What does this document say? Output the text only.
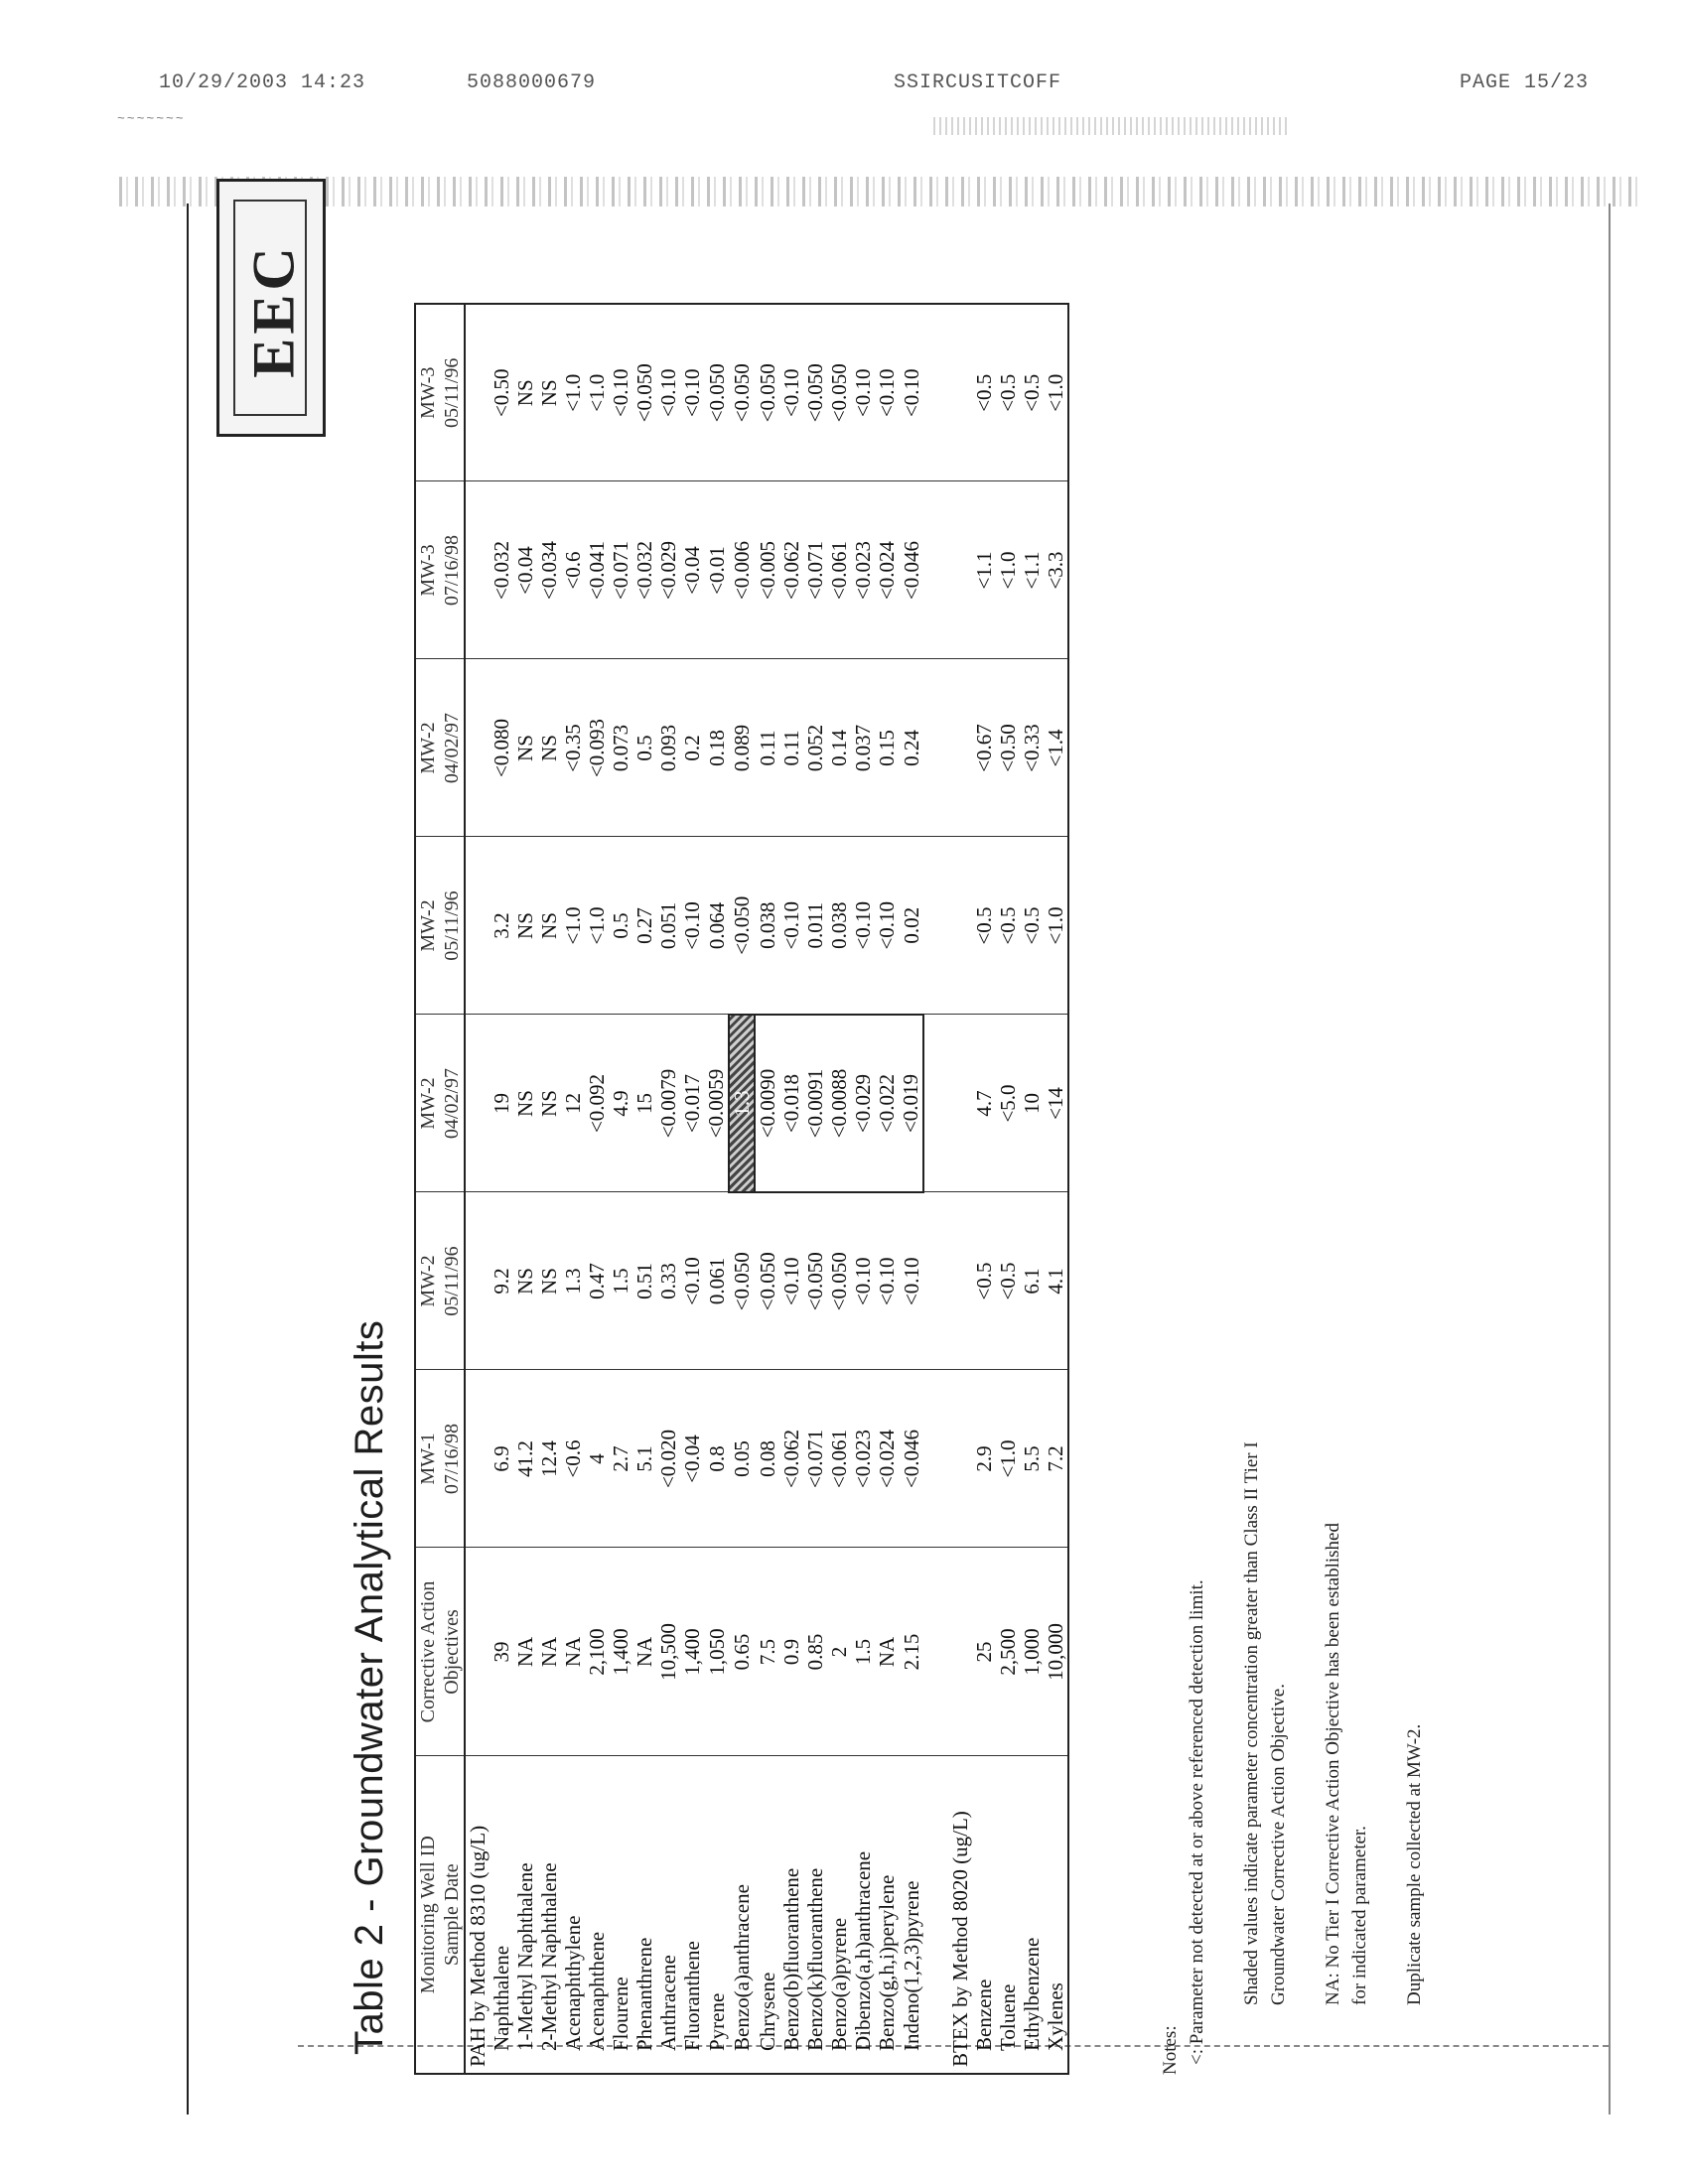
10/29/2003 14:23	5088000679	SSIRCUSITCOFF	PAGE 15/23
~~~~~~~
EEC
Table 2 - Groundwater Analytical Results Monitoring Well ID	Corrective Action	MW-1	MW-2	MW-2	MW-2	MW-2	MW-3	MW-3
Sample Date	Objectives	07/16/98	05/11/96	04/02/97	05/11/96	04/02/97	07/16/98	05/11/96
PAH by Method 8310 (ug/L)								
Naphthalene	39	6.9	9.2	19	3.2	<0.080	<0.032	<0.50
1-Methyl Naphthalene	NA	41.2	NS	NS	NS	NS	<0.04	NS
2-Methyl Naphthalene	NA	12.4	NS	NS	NS	NS	<0.034	NS
Acenaphthylene	NA	<0.6	1.3	12	<1.0	<0.35	<0.6	<1.0
Acenaphthene	2,100	4	0.47	<0.092	<1.0	<0.093	<0.041	<1.0
Flourene	1,400	2.7	1.5	4.9	0.5	0.073	<0.071	<0.10
Phenanthrene	NA	5.1	0.51	15	0.27	0.5	<0.032	<0.050
Anthracene	10,500	<0.020	0.33	<0.0079	0.051	0.093	<0.029	<0.10
Fluoranthene	1,400	<0.04	<0.10	<0.017	<0.10	0.2	<0.04	<0.10
Pyrene	1,050	0.8	0.061	<0.0059	0.064	0.18	<0.01	<0.050
Benzo(a)anthracene	0.65	0.05	<0.050	1.3	<0.050	0.089	<0.006	<0.050
Chrysene	7.5	0.08	<0.050	<0.0090	0.038	0.11	<0.005	<0.050
Benzo(b)fluoranthene	0.9	<0.062	<0.10	<0.018	<0.10	0.11	<0.062	<0.10
Benzo(k)fluoranthene	0.85	<0.071	<0.050	<0.0091	0.011	0.052	<0.071	<0.050
Benzo(a)pyrene	2	<0.061	<0.050	<0.0088	0.038	0.14	<0.061	<0.050
Dibenzo(a,h)anthracene	1.5	<0.023	<0.10	<0.029	<0.10	0.037	<0.023	<0.10
Benzo(g,h,i)perylene	NA	<0.024	<0.10	<0.022	<0.10	0.15	<0.024	<0.10
Indeno(1,2,3)pyrene	2.15	<0.046	<0.10	<0.019	0.02	0.24	<0.046	<0.10

BTEX by Method 8020 (ug/L)								
Benzene	25	2.9	<0.5	4.7	<0.5	<0.67	<1.1	<0.5
Toluene	2,500	<1.0	<0.5	<5.0	<0.5	<0.50	<1.0	<0.5
Ethylbenzene	1,000	5.5	6.1	10	<0.5	<0.33	<1.1	<0.5
Xylenes	10,000	7.2	4.1	<14	<1.0	<1.4	<3.3	<1.0

Notes: <: Parameter not detected at or above referenced detection limit. Shaded values indicate parameter concentration greater than Class II Tier I Groundwater Corrective Action Objective. NA: No Tier I Corrective Action Objective has been established for indicated parameter. Duplicate sample collected at MW-2.
